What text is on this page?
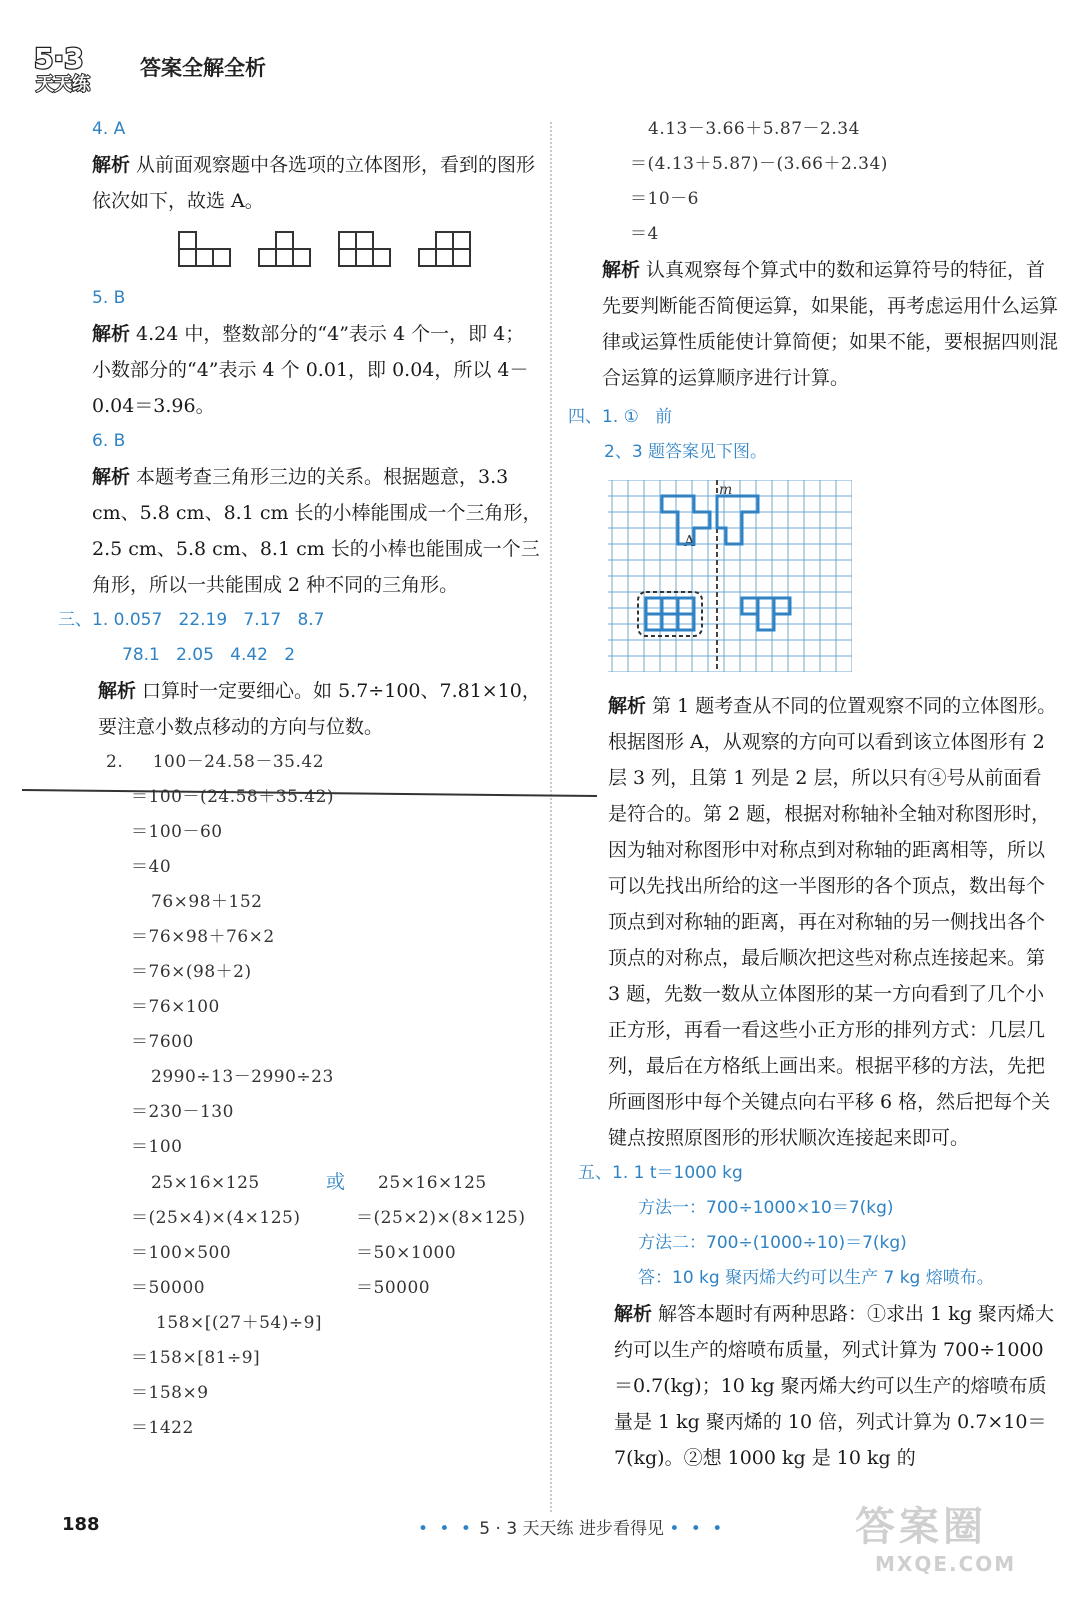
5·3
天天练
答案全解全析
4. A
解析 从前面观察题中各选项的立体图形，看到的图形依次如下，故选 A。
5. B
解析 4.24 中，整数部分的“4”表示 4 个一，即 4；小数部分的“4”表示 4 个 0.01，即 0.04，所以 4－0.04＝3.96。
6. B
解析 本题考查三角形三边的关系。根据题意，3.3 cm、5.8 cm、8.1 cm 长的小棒能围成一个三角形，2.5 cm、5.8 cm、8.1 cm 长的小棒也能围成一个三角形，所以一共能围成 2 种不同的三角形。
三、1. 0.057   22.19   7.17   8.7
78.1   2.05   4.42   2
解析 口算时一定要细心。如 5.7÷100、7.81×10，要注意小数点移动的方向与位数。
2.     100－24.58－35.42
＝100－(24.58＋35.42)
＝100－60
＝40
76×98＋152
＝76×98＋76×2
＝76×(98＋2)
＝76×100
＝7600
2990÷13－2990÷23
＝230－130
＝100
25×16×125	或 25×16×125
＝(25×4)×(4×125)	＝(25×2)×(8×125)
＝100×500	＝50×1000
＝50000	＝50000
158×[(27＋54)÷9]
＝158×[81÷9]
＝158×9
＝1422
4.13－3.66＋5.87－2.34
＝(4.13＋5.87)－(3.66＋2.34)
＝10－6
＝4
解析 认真观察每个算式中的数和运算符号的特征，首先要判断能否简便运算，如果能，再考虑运用什么运算律或运算性质能使计算简便；如果不能，要根据四则混合运算的运算顺序进行计算。
四、1. ①   前
2、3 题答案见下图。
m
A
解析 第 1 题考查从不同的位置观察不同的立体图形。根据图形 A，从观察的方向可以看到该立体图形有 2 层 3 列，且第 1 列是 2 层，所以只有④号从前面看是符合的。第 2 题，根据对称轴补全轴对称图形时，因为轴对称图形中对称点到对称轴的距离相等，所以可以先找出所给的这一半图形的各个顶点，数出每个顶点到对称轴的距离，再在对称轴的另一侧找出各个顶点的对称点，最后顺次把这些对称点连接起来。第 3 题，先数一数从立体图形的某一方向看到了几个小正方形，再看一看这些小正方形的排列方式：几层几列，最后在方格纸上画出来。根据平移的方法，先把所画图形中每个关键点向右平移 6 格，然后把每个关键点按照原图形的形状顺次连接起来即可。
五、1. 1 t＝1000 kg
方法一：700÷1000×10＝7(kg)
方法二：700÷(1000÷10)＝7(kg)
答：10 kg 聚丙烯大约可以生产 7 kg 熔喷布。
解析 解答本题时有两种思路：①求出 1 kg 聚丙烯大约可以生产的熔喷布质量，列式计算为 700÷1000＝0.7(kg)；10 kg 聚丙烯大约可以生产的熔喷布质量是 1 kg 聚丙烯的 10 倍，列式计算为 0.7×10＝7(kg)。②想 1000 kg 是 10 kg 的
188	• • • 5 · 3 天天练 进步看得见 • • •	答案圈
MXQE.COM
